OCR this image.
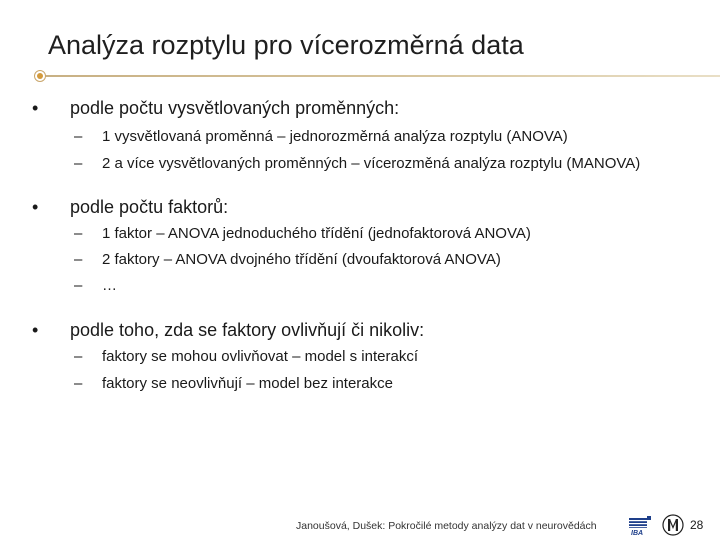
Analýza rozptylu pro vícerozměrná data
•	podle počtu vysvětlovaných proměnných:
– 1 vysvětlovaná proměnná – jednorozměrná analýza rozptylu (ANOVA)
– 2 a více vysvětlovaných proměnných – vícerozměná analýza rozptylu (MANOVA)
•	podle počtu faktorů:
– 1 faktor – ANOVA jednoduchého třídění (jednofaktorová ANOVA)
– 2 faktory – ANOVA dvojného třídění (dvoufaktorová ANOVA)
– …
•	podle toho, zda se faktory ovlivňují či nikoliv:
– faktory se mohou ovlivňovat – model s interakcí
– faktory se neovlivňují – model bez interakce
Janoušová, Dušek: Pokročilé metody analýzy dat v neurovědách
IBA
28
